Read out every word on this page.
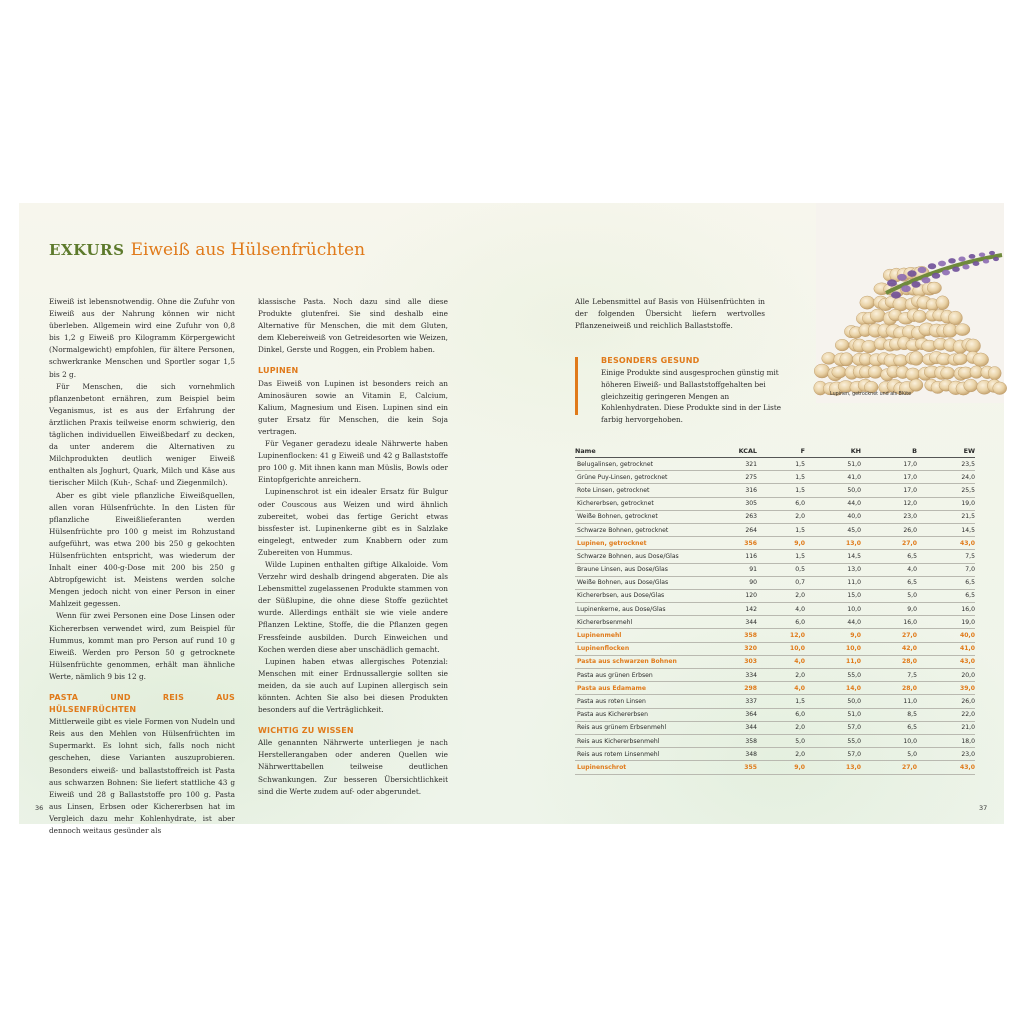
EXKURS Eiweiß aus Hülsenfrüchten

Eiweiß ist lebensnotwendig. Ohne die Zufuhr von Eiweiß aus der Nahrung können wir nicht überleben. Allgemein wird eine Zufuhr von 0,8 bis 1,2 g Eiweiß pro Kilogramm Körpergewicht (Normalgewicht) empfohlen, für ältere Personen, schwerkranke Menschen und Sportler sogar 1,5 bis 2 g.

Für Menschen, die sich vornehmlich pflanzenbetont ernähren, zum Beispiel beim Veganismus, ist es aus der Erfahrung der ärztlichen Praxis teilweise enorm schwierig, den täglichen individuellen Eiweißbedarf zu decken, da unter anderem die Alternativen zu Milchprodukten deutlich weniger Eiweiß enthalten als Joghurt, Quark, Milch und Käse aus tierischer Milch (Kuh-, Schaf- und Ziegenmilch).

Aber es gibt viele pflanzliche Eiweißquellen, allen voran Hülsenfrüchte. In den Listen für pflanzliche Eiweißlieferanten werden Hülsenfrüchte pro 100 g meist im Rohzustand aufgeführt, was etwa 200 bis 250 g gekochten Hülsenfrüchten entspricht, was wiederum der Inhalt einer 400-g-Dose mit 200 bis 250 g Abtropfgewicht ist. Meistens werden solche Mengen jedoch nicht von einer Person in einer Mahlzeit gegessen.

Wenn für zwei Personen eine Dose Linsen oder Kichererbsen verwendet wird, zum Beispiel für Hummus, kommt man pro Person auf rund 10 g Eiweiß. Werden pro Person 50 g getrocknete Hülsenfrüchte genommen, erhält man ähnliche Werte, nämlich 9 bis 12 g.

PASTA UND REIS AUS HÜLSENFRÜCHTEN

Mittlerweile gibt es viele Formen von Nudeln und Reis aus den Mehlen von Hülsenfrüchten im Supermarkt. Es lohnt sich, falls noch nicht geschehen, diese Varianten auszuprobieren. Besonders eiweiß- und ballaststoffreich ist Pasta aus schwarzen Bohnen: Sie liefert stattliche 43 g Eiweiß und 28 g Ballaststoffe pro 100 g. Pasta aus Linsen, Erbsen oder Kichererbsen hat im Vergleich dazu mehr Kohlenhydrate, ist aber dennoch weitaus gesünder als

klassische Pasta. Noch dazu sind alle diese Produkte glutenfrei. Sie sind deshalb eine Alternative für Menschen, die mit dem Gluten, dem Klebereiweiß von Getreidesorten wie Weizen, Dinkel, Gerste und Roggen, ein Problem haben.

LUPINEN

Das Eiweiß von Lupinen ist besonders reich an Aminosäuren sowie an Vitamin E, Calcium, Kalium, Magnesium und Eisen. Lupinen sind ein guter Ersatz für Menschen, die kein Soja vertragen.

Für Veganer geradezu ideale Nährwerte haben Lupinenflocken: 41 g Eiweiß und 42 g Ballaststoffe pro 100 g. Mit ihnen kann man Müslis, Bowls oder Eintopfgerichte anreichern.

Lupinenschrot ist ein idealer Ersatz für Bulgur oder Couscous aus Weizen und wird ähnlich zubereitet, wobei das fertige Gericht etwas bissfester ist. Lupinenkerne gibt es in Salzlake eingelegt, entweder zum Knabbern oder zum Zubereiten von Hummus.

Wilde Lupinen enthalten giftige Alkaloide. Vom Verzehr wird deshalb dringend abgeraten. Die als Lebensmittel zugelassenen Produkte stammen von der Süßlupine, die ohne diese Stoffe gezüchtet wurde. Allerdings enthält sie wie viele andere Pflanzen Lektine, Stoffe, die die Pflanzen gegen Fressfeinde ausbilden. Durch Einweichen und Kochen werden diese aber unschädlich gemacht.

Lupinen haben etwas allergisches Potenzial: Menschen mit einer Erdnussallergie sollten sie meiden, da sie auch auf Lupinen allergisch sein könnten. Achten Sie also bei diesen Produkten besonders auf die Verträglichkeit.

WICHTIG ZU WISSEN

Alle genannten Nährwerte unterliegen je nach Herstellerangaben oder anderen Quellen wie Nährwerttabellen teilweise deutlichen Schwankungen. Zur besseren Übersichtlichkeit sind die Werte zudem auf- oder abgerundet.

Alle Lebensmittel auf Basis von Hülsenfrüchten in der folgenden Übersicht liefern wertvolles Pflanzeneiweiß und reichlich Ballaststoffe.

BESONDERS GESUND

Einige Produkte sind ausgesprochen günstig mit höheren Eiweiß- und Ballaststoffgehalten bei gleichzeitig geringeren Mengen an Kohlenhydraten. Diese Produkte sind in der Liste farbig hervorgehoben.

Lupinen, getrocknet und als Blüte
Name	KCAL	F	KH	B	EW
Belugalinsen, getrocknet	321	1,5	51,0	17,0	23,5
Grüne Puy-Linsen, getrocknet	275	1,5	41,0	17,0	24,0
Rote Linsen, getrocknet	316	1,5	50,0	17,0	25,5
Kichererbsen, getrocknet	305	6,0	44,0	12,0	19,0
Weiße Bohnen, getrocknet	263	2,0	40,0	23,0	21,5
Schwarze Bohnen, getrocknet	264	1,5	45,0	26,0	14,5
Lupinen, getrocknet	356	9,0	13,0	27,0	43,0
Schwarze Bohnen, aus Dose/Glas	116	1,5	14,5	6,5	7,5
Braune Linsen, aus Dose/Glas	91	0,5	13,0	4,0	7,0
Weiße Bohnen, aus Dose/Glas	90	0,7	11,0	6,5	6,5
Kichererbsen, aus Dose/Glas	120	2,0	15,0	5,0	6,5
Lupinenkerne, aus Dose/Glas	142	4,0	10,0	9,0	16,0
Kichererbsenmehl	344	6,0	44,0	16,0	19,0
Lupinenmehl	358	12,0	9,0	27,0	40,0
Lupinenflocken	320	10,0	10,0	42,0	41,0
Pasta aus schwarzen Bohnen	303	4,0	11,0	28,0	43,0
Pasta aus grünen Erbsen	334	2,0	55,0	7,5	20,0
Pasta aus Edamame	298	4,0	14,0	28,0	39,0
Pasta aus roten Linsen	337	1,5	50,0	11,0	26,0
Pasta aus Kichererbsen	364	6,0	51,0	8,5	22,0
Reis aus grünem Erbsenmehl	344	2,0	57,0	6,5	21,0
Reis aus Kichererbsenmehl	358	5,0	55,0	10,0	18,0
Reis aus rotem Linsenmehl	348	2,0	57,0	5,0	23,0
Lupinenschrot	355	9,0	13,0	27,0	43,0
36	37
